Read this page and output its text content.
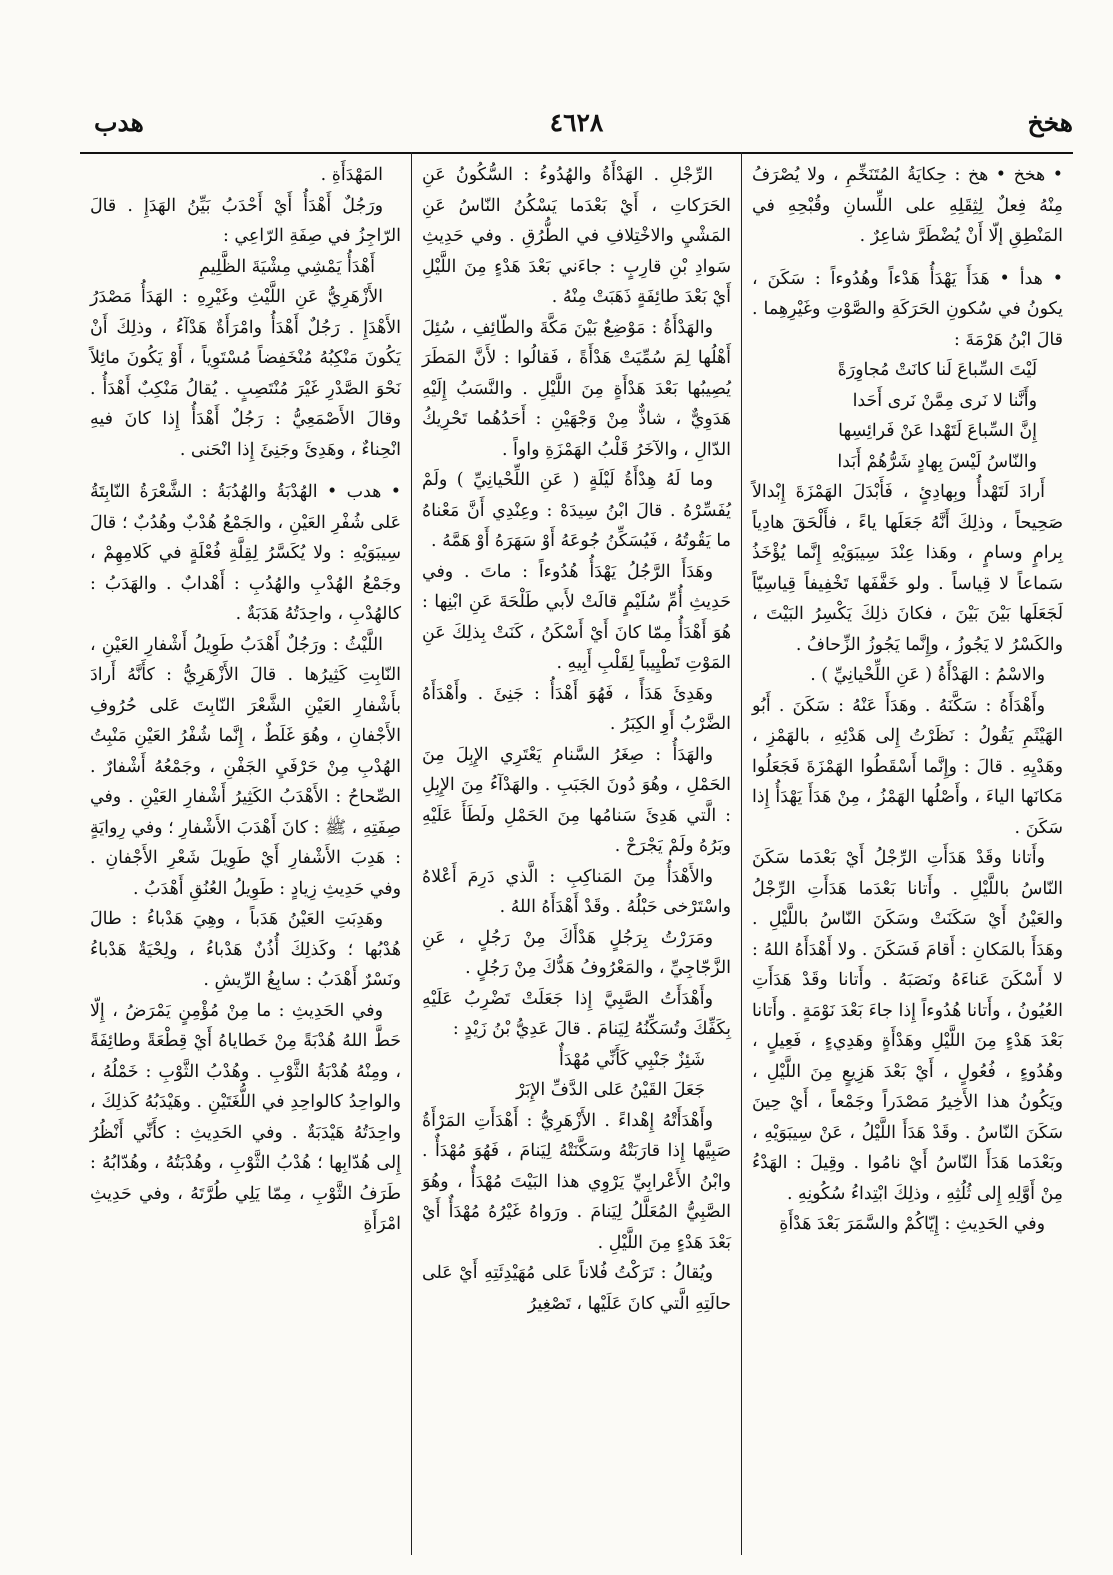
هخخ
٤٦٢٨
هدب

• هخخ • هخ : حِكايَةُ المُتَنَخِّمِ ، ولا يُصْرَفُ مِنْهُ فِعلٌ لِثِقَلِهِ على اللِّسانِ وقُبْحِهِ في المَنْطِقِ إلّا أَنْ يُضْطَرَّ شاعِرٌ .

• هدأ • هَدَأَ يَهْدَأُ هَدْءاً وهُدُوءاً : سَكَنَ ، يكونُ في سُكونِ الحَرَكَةِ والصَّوْتِ وغَيْرِهِما . قالَ ابْنُ هَرْمَةَ :

لَيْتَ السِّباعَ لَنا كانَتْ مُجاوِرَةً

وأَنَّنا لا نَرى مِمَّنْ نَرى أَحَدا

إِنَّ السِّباعَ لَتَهْدا عَنْ فَرائِسِها

والنّاسُ لَيْسَ بِهادٍ شَرُّهُمْ أَبَدا

أَرادَ لَتَهْدأُ وبِهادِئٍ ، فَأَبْدَلَ الهَمْزَةَ إِبْدالاً صَحِيحاً ، وذلِكَ أَنَّهُ جَعَلَها ياءً ، فأَلْحَقَ هادِياً بِرامٍ وسامٍ ، وهَذا عِنْدَ سِيبَوَيْهِ إِنَّما يُؤْخَذُ سَماعاً لا قِياساً . ولو خَفَّفَها تَخْفِيفاً قِياسِيّاً لَجَعَلَها بَيْنَ بَيْنَ ، فكانَ ذلِكَ يَكْسِرُ البَيْتَ ، والكَسْرُ لا يَجُوزُ ، وإِنَّما يَجُوزُ الزِّحافُ .

والاسْمُ : الهَدْأَةُ ( عَنِ اللِّحْيانِيِّ ) .

وأَهْدَأَهُ : سَكَّنَهُ . وهَدَأَ عَنْهُ : سَكَنَ . أَبُو الهَيْثَمِ يَقُولُ : نَظَرْتُ إِلى هَدْئِهِ ، بالهَمْزِ ، وهَدْيِهِ . قالَ : وإِنَّما أَسْقَطُوا الهَمْزَةَ فَجَعَلُوا مَكانَها الياءَ ، وأَصْلُها الهَمْزُ ، مِنْ هَدَأَ يَهْدَأُ إِذا سَكَنَ .

وأَتانا وقَدْ هَدَأَتِ الرِّجْلُ أَيْ بَعْدَما سَكَنَ النّاسُ باللَّيْلِ . وأَتانا بَعْدَما هَدَأَتِ الرِّجْلُ والعَيْنُ أَيْ سَكَنَتْ وسَكَنَ النّاسُ باللَّيْلِ . وهَدَأَ بالمَكانِ : أَقامَ فَسَكَنَ . ولا أَهْدَأَهُ اللهُ : لا أَسْكَنَ عَناءَهُ ونَصَبَهُ . وأَتانا وقَدْ هَدَأَتِ العُيُونُ ، وأَتانا هُدُوءاً إِذا جاءَ بَعْدَ نَوْمَةٍ . وأَتانا بَعْدَ هَدْءٍ مِنَ اللَّيْلِ وهَدْأَةٍ وهَدِيءٍ ، فَعِيلٍ ، وهُدُوءٍ ، فُعُولٍ ، أَيْ بَعْدَ هَزِيعٍ مِنَ اللَّيْلِ ، ويَكُونُ هذا الأَخِيرُ مَصْدَراً وجَمْعاً ، أَيْ حِينَ سَكَنَ النّاسُ . وقَدْ هَدَأَ اللَّيْلُ ، عَنْ سِيبَوَيْهِ ، وبَعْدَما هَدَأَ النّاسُ أَيْ نامُوا . وقِيلَ : الهَدْءُ مِنْ أَوَّلِهِ إِلى ثُلُثِهِ ، وذلِكَ ابْتِداءُ سُكُونِهِ .

وفي الحَدِيثِ : إِيّاكُمْ والسَّمَرَ بَعْدَ هَدْأَةِ

الرِّجْلِ . الهَدْأَةُ والهُدُوءُ : السُّكُونُ عَنِ الحَرَكاتِ ، أَيْ بَعْدَما يَسْكُنُ النّاسُ عَنِ المَشْيِ والاخْتِلافِ في الطُّرُقِ . وفي حَدِيثِ سَوادِ بْنِ قارِبٍ : جاءَني بَعْدَ هَدْءٍ مِنَ اللَّيْلِ أَيْ بَعْدَ طائِفَةٍ ذَهَبَتْ مِنْهُ .

والهَدْأَةُ : مَوْضِعٌ بَيْنَ مَكَّةَ والطّائِفِ ، سُئِلَ أَهْلُها لِمَ سُمِّيَتْ هَدْأَةً ، فَقالُوا : لأَنَّ المَطَرَ يُصِيبُها بَعْدَ هَدْأَةٍ مِنَ اللَّيْلِ . والنَّسَبُ إِلَيْهِ هَدَوِيٌّ ، شاذٌّ مِنْ وَجْهَيْنِ : أَحَدُهُما تَحْرِيكُ الدّالِ ، والآخَرُ قَلْبُ الهَمْزَةِ واواً .

وما لَهُ هِدْأَةُ لَيْلَةٍ ( عَنِ اللِّحْيانِيِّ ) ولَمْ يُفَسِّرْهُ . قالَ ابْنُ سِيدَهْ : وعِنْدِي أَنَّ مَعْناهُ ما يَقُوتُهُ ، فَيُسَكِّنُ جُوعَهُ أَوْ سَهَرَهُ أَوْ هَمَّهُ .

وهَدَأَ الرَّجُلُ يَهْدَأُ هُدُوءاً : ماتَ . وفي حَدِيثِ أُمِّ سُلَيْمٍ قالَتْ لأَبي طَلْحَةَ عَنِ ابْنِها : هُوَ أَهْدَأُ مِمّا كانَ أَيْ أَسْكَنُ ، كَنَتْ بِذلِكَ عَنِ المَوْتِ تَطْيِيباً لِقَلْبِ أَبِيهِ .

وهَدِئَ هَدَأً ، فَهُوَ أَهْدَأُ : جَنِئَ . وأَهْدَأَهُ الضَّرْبُ أَوِ الكِبَرُ .

والهَدَأُ : صِغَرُ السَّنامِ يَعْتَرِي الإِبِلَ مِنَ الحَمْلِ ، وهُوَ دُونَ الجَبَبِ . والهَدْآءُ مِنَ الإِبِلِ : الَّتي هَدِئَ سَنامُها مِنَ الحَمْلِ ولَطَأَ عَلَيْهِ وبَرُهُ ولَمْ يَجْرَحْ .

والأَهْدَأُ مِنَ المَناكِبِ : الَّذي دَرِمَ أَعْلاهُ واسْتَرْخى حَبْلُهُ . وقَدْ أَهْدَأَهُ اللهُ .

ومَرَرْتُ بِرَجُلٍ هَدْأَكَ مِنْ رَجُلٍ ، عَنِ الزَّجّاجِيِّ ، والمَعْرُوفُ هَدُّكَ مِنْ رَجُلٍ .

وأَهْدَأَتُ الصَّبِيَّ إِذا جَعَلَتْ تَضْرِبُ عَلَيْهِ بِكَفِّكَ وتُسَكِّنُهُ لِيَنامَ . قالَ عَدِيُّ بْنُ زَيْدٍ :

شَئِزٌ جَنْبِي كَأَنِّي مُهْدَأٌ

جَعَلَ القَيْنُ عَلى الدَّفِّ الإِبَرْ

وأَهْدَأَتْهُ إِهْداءً . الأَزْهَرِيُّ : أَهْدَأَتِ المَرْأَةُ صَبِيَّها إِذا قارَبَتْهُ وسَكَّنَتْهُ لِيَنامَ ، فَهُوَ مُهْدَأٌ . وابْنُ الأَعْرابِيِّ يَرْوِي هذا البَيْتَ مُهْدَأٌ ، وهُوَ الصَّبِيُّ المُعَلَّلُ لِيَنامَ . ورَواهُ غَيْرُهُ مُهْدَأٌ أَيْ بَعْدَ هَدْءٍ مِنَ اللَّيْلِ .

ويُقالُ : تَرَكْتُ فُلاناً عَلى مُهَيْدِئَتِهِ أَيْ عَلى حالَتِهِ الَّتي كانَ عَلَيْها ، تَصْغِيرُ

المَهْدَأَةِ .

ورَجُلٌ أَهْدَأُ أَيْ أَحْدَبُ بَيِّنُ الهَدَإِ . قالَ الرّاجِزُ في صِفَةِ الرّاعِي :

أَهْدَأُ يَمْشِي مِشْيَةَ الظَّلِيمِ

الأَزْهَرِيُّ عَنِ اللَّيْثِ وغَيْرِهِ : الهَدَأُ مَصْدَرُ الأَهْدَإِ . رَجُلٌ أَهْدَأُ وامْرَأَةٌ هَدْآءُ ، وذلِكَ أَنْ يَكُونَ مَنْكِبُهُ مُنْخَفِضاً مُسْتَوِياً ، أَوْ يَكُونَ مائِلاً نَحْوَ الصَّدْرِ غَيْرَ مُنْتَصِبٍ . يُقالُ مَنْكِبٌ أَهْدَأُ . وقالَ الأَصْمَعِيُّ : رَجُلٌ أَهْدَأُ إِذا كانَ فيهِ انْحِناءٌ ، وهَدِئَ وجَنِئَ إِذا انْحَنى .

• هدب • الهُدْبَةُ والهُدُبَةُ : الشَّعْرَةُ النّابِتَةُ عَلى شُفْرِ العَيْنِ ، والجَمْعُ هُدْبٌ وهُدُبٌ ؛ قالَ سِيبَوَيْهِ : ولا يُكَسَّرُ لِقِلَّةِ فُعْلَةٍ في كَلامِهِمْ ، وجَمْعُ الهُدْبِ والهُدُبِ : أَهْدابٌ . والهَدَبُ : كالهُدْبِ ، واحِدَتُهُ هَدَبَةٌ .

اللَّيْثُ : ورَجُلٌ أَهْدَبُ طَوِيلُ أَشْفارِ العَيْنِ ، النّابِتِ كَثِيرُها . قالَ الأَزْهَرِيُّ : كأَنَّهُ أَرادَ بأَشْفارِ العَيْنِ الشَّعْرَ النّابِتَ عَلى حُرُوفِ الأَجْفانِ ، وهُوَ غَلَطٌ ، إِنَّما شُفْرُ العَيْنِ مَنْبِتُ الهُدْبِ مِنْ حَرْفَيِ الجَفْنِ ، وجَمْعُهُ أَشْفارٌ . الصِّحاحُ : الأَهْدَبُ الكَثِيرُ أَشْفارِ العَيْنِ . وفي صِفَتِهِ ، ﷺ : كانَ أَهْدَبَ الأَشْفارِ ؛ وفي رِوايَةٍ : هَدِبَ الأَشْفارِ أَيْ طَوِيلَ شَعْرِ الأَجْفانِ . وفي حَدِيثِ زِيادٍ : طَوِيلُ العُنُقِ أَهْدَبُ .

وهَدِبَتِ العَيْنُ هَدَباً ، وهِيَ هَدْباءُ : طالَ هُدْبُها ؛ وكَذلِكَ أُذُنٌ هَدْباءُ ، ولِحْيَةٌ هَدْباءُ ونَسْرٌ أَهْدَبُ : سابِغُ الرِّيشِ .

وفي الحَدِيثِ : ما مِنْ مُؤْمِنٍ يَمْرَضُ ، إِلّا حَطَّ اللهُ هُدْبَةً مِنْ خَطاياهُ أَيْ قِطْعَةً وطائِفَةً ، ومِنْهُ هُدْبَةُ الثَّوْبِ . وهُدْبُ الثَّوْبِ : خَمْلُهُ ، والواحِدُ كالواحِدِ في اللُّغَتَيْنِ . وهَيْدَبُهُ كَذلِكَ ، واحِدَتُهُ هَيْدَبَةٌ . وفي الحَدِيثِ : كأَنِّي أَنْظُرُ إِلى هُدّابِها ؛ هُدْبُ الثَّوْبِ ، وهُدْبَتُهُ ، وهُدّابُهُ : طَرَفُ الثَّوْبِ ، مِمّا يَلِي طُرَّتَهُ ، وفي حَدِيثِ امْرَأَةِ
